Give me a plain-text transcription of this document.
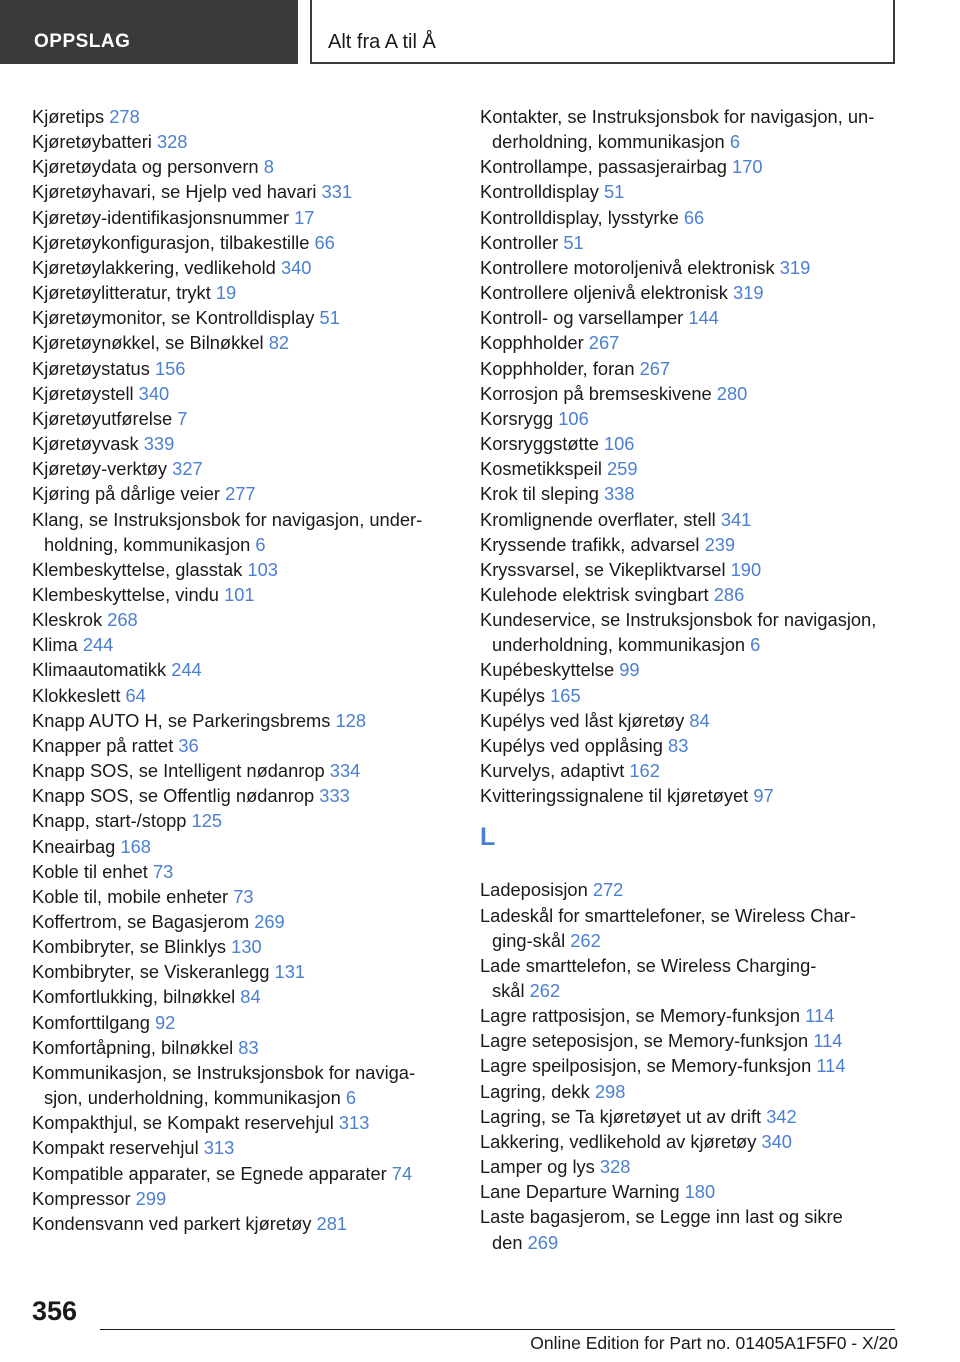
OPPSLAG	Alt fra A til Å
Kjøretips 278
Kjøretøybatteri 328
Kjøretøydata og personvern 8
Kjøretøyhavari, se Hjelp ved havari 331
Kjøretøy-identifikasjonsnummer 17
Kjøretøykonfigurasjon, tilbakestille 66
Kjøretøylakkering, vedlikehold 340
Kjøretøylitteratur, trykt 19
Kjøretøymonitor, se Kontrolldisplay 51
Kjøretøynøkkel, se Bilnøkkel 82
Kjøretøystatus 156
Kjøretøystell 340
Kjøretøyutførelse 7
Kjøretøyvask 339
Kjøretøy-verktøy 327
Kjøring på dårlige veier 277
Klang, se Instruksjonsbok for navigasjon, under-
holdning, kommunikasjon 6
Klembeskyttelse, glasstak 103
Klembeskyttelse, vindu 101
Kleskrok 268
Klima 244
Klimaautomatikk 244
Klokkeslett 64
Knapp AUTO H, se Parkeringsbrems 128
Knapper på rattet 36
Knapp SOS, se Intelligent nødanrop 334
Knapp SOS, se Offentlig nødanrop 333
Knapp, start-/stopp 125
Kneairbag 168
Koble til enhet 73
Koble til, mobile enheter 73
Koffertrom, se Bagasjerom 269
Kombibryter, se Blinklys 130
Kombibryter, se Viskeranlegg 131
Komfortlukking, bilnøkkel 84
Komforttilgang 92
Komfortåpning, bilnøkkel 83
Kommunikasjon, se Instruksjonsbok for naviga-
sjon, underholdning, kommunikasjon 6
Kompakthjul, se Kompakt reservehjul 313
Kompakt reservehjul 313
Kompatible apparater, se Egnede apparater 74
Kompressor 299
Kondensvann ved parkert kjøretøy 281
Kontakter, se Instruksjonsbok for navigasjon, un-
derholdning, kommunikasjon 6
Kontrollampe, passasjerairbag 170
Kontrolldisplay 51
Kontrolldisplay, lysstyrke 66
Kontroller 51
Kontrollere motoroljenivå elektronisk 319
Kontrollere oljenivå elektronisk 319
Kontroll- og varsellamper 144
Kopphholder 267
Kopphholder, foran 267
Korrosjon på bremseskivene 280
Korsrygg 106
Korsryggstøtte 106
Kosmetikkspeil 259
Krok til sleping 338
Kromlignende overflater, stell 341
Kryssende trafikk, advarsel 239
Kryssvarsel, se Vikepliktvarsel 190
Kulehode elektrisk svingbart 286
Kundeservice, se Instruksjonsbok for navigasjon,
underholdning, kommunikasjon 6
Kupébeskyttelse 99
Kupélys 165
Kupélys ved låst kjøretøy 84
Kupélys ved opplåsing 83
Kurvelys, adaptivt 162
Kvitteringssignalene til kjøretøyet 97
L
Ladeposisjon 272
Ladeskål for smarttelefoner, se Wireless Char-
ging-skål 262
Lade smarttelefon, se Wireless Charging-
skål 262
Lagre rattposisjon, se Memory-funksjon 114
Lagre seteposisjon, se Memory-funksjon 114
Lagre speilposisjon, se Memory-funksjon 114
Lagring, dekk 298
Lagring, se Ta kjøretøyet ut av drift 342
Lakkering, vedlikehold av kjøretøy 340
Lamper og lys 328
Lane Departure Warning 180
Laste bagasjerom, se Legge inn last og sikre
den 269
356
Online Edition for Part no. 01405A1F5F0 - X/20
